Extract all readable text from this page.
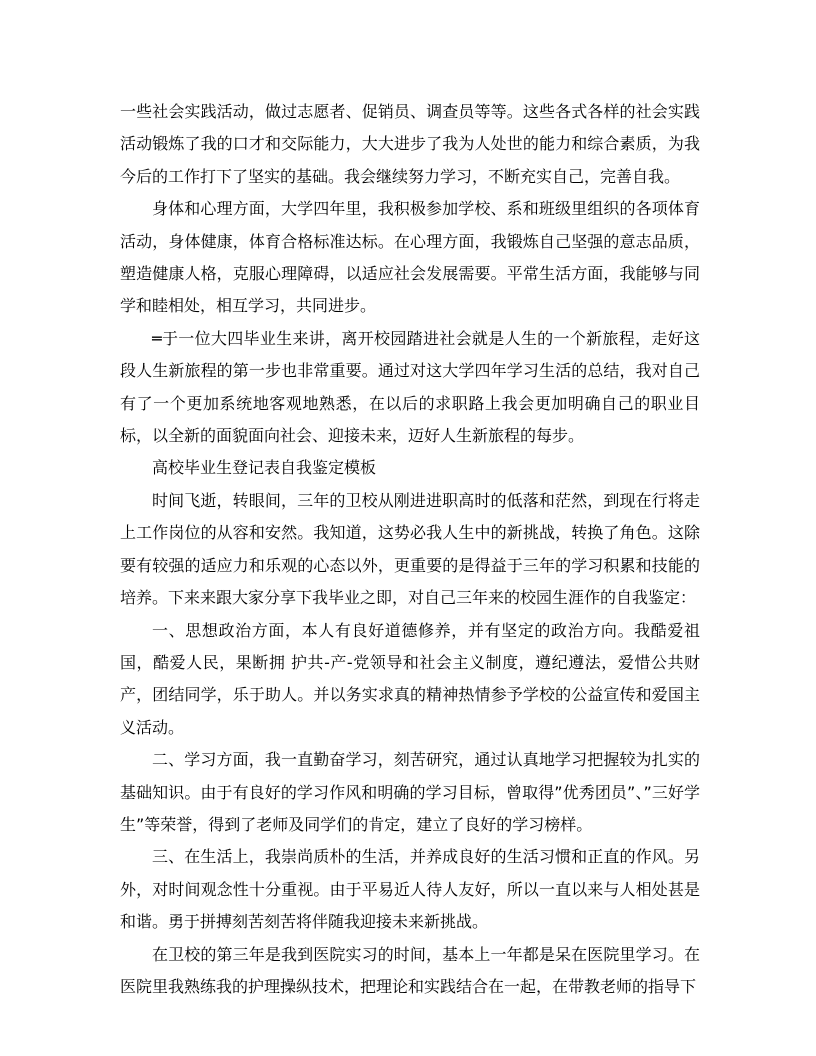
一些社会实践活动，做过志愿者、促销员、调查员等等。这些各式各样的社会实践活动锻炼了我的口才和交际能力，大大进步了我为人处世的能力和综合素质，为我今后的工作打下了坚实的基础。我会继续努力学习，不断充实自己，完善自我。

身体和心理方面，大学四年里，我积极参加学校、系和班级里组织的各项体育活动，身体健康，体育合格标准达标。在心理方面，我锻炼自己坚强的意志品质，塑造健康人格，克服心理障碍，以适应社会发展需要。平常生活方面，我能够与同学和睦相处，相互学习，共同进步。

═于一位大四毕业生来讲，离开校园踏进社会就是人生的一个新旅程，走好这段人生新旅程的第一步也非常重要。通过对这大学四年学习生活的总结，我对自己有了一个更加系统地客观地熟悉，在以后的求职路上我会更加明确自己的职业目标，以全新的面貌面向社会、迎接未来，迈好人生新旅程的每步。

高校毕业生登记表自我鉴定模板

时间飞逝，转眼间，三年的卫校从刚进进职高时的低落和茫然，到现在行将走上工作岗位的从容和安然。我知道，这势必我人生中的新挑战，转换了角色。这除要有较强的适应力和乐观的心态以外，更重要的是得益于三年的学习积累和技能的培养。下来来跟大家分享下我毕业之即，对自己三年来的校园生涯作的自我鉴定：

一、思想政治方面，本人有良好道德修养，并有坚定的政治方向。我酷爱祖国，酷爱人民，果断拥 护共-产-党领导和社会主义制度，遵纪遵法，爱惜公共财产，团结同学，乐于助人。并以务实求真的精神热情参予学校的公益宣传和爱国主义活动。

二、学习方面，我一直勤奋学习，刻苦研究，通过认真地学习把握较为扎实的基础知识。由于有良好的学习作风和明确的学习目标，曾取得”优秀团员”、”三好学生”等荣誉，得到了老师及同学们的肯定，建立了良好的学习榜样。

三、在生活上，我崇尚质朴的生活，并养成良好的生活习惯和正直的作风。另外，对时间观念性十分重视。由于平易近人待人友好，所以一直以来与人相处甚是和谐。勇于拼搏刻苦刻苦将伴随我迎接未来新挑战。

在卫校的第三年是我到医院实习的时间，基本上一年都是呆在医院里学习。在医院里我熟练我的护理操纵技术，把理论和实践结合在一起，在带教老师的指导下
